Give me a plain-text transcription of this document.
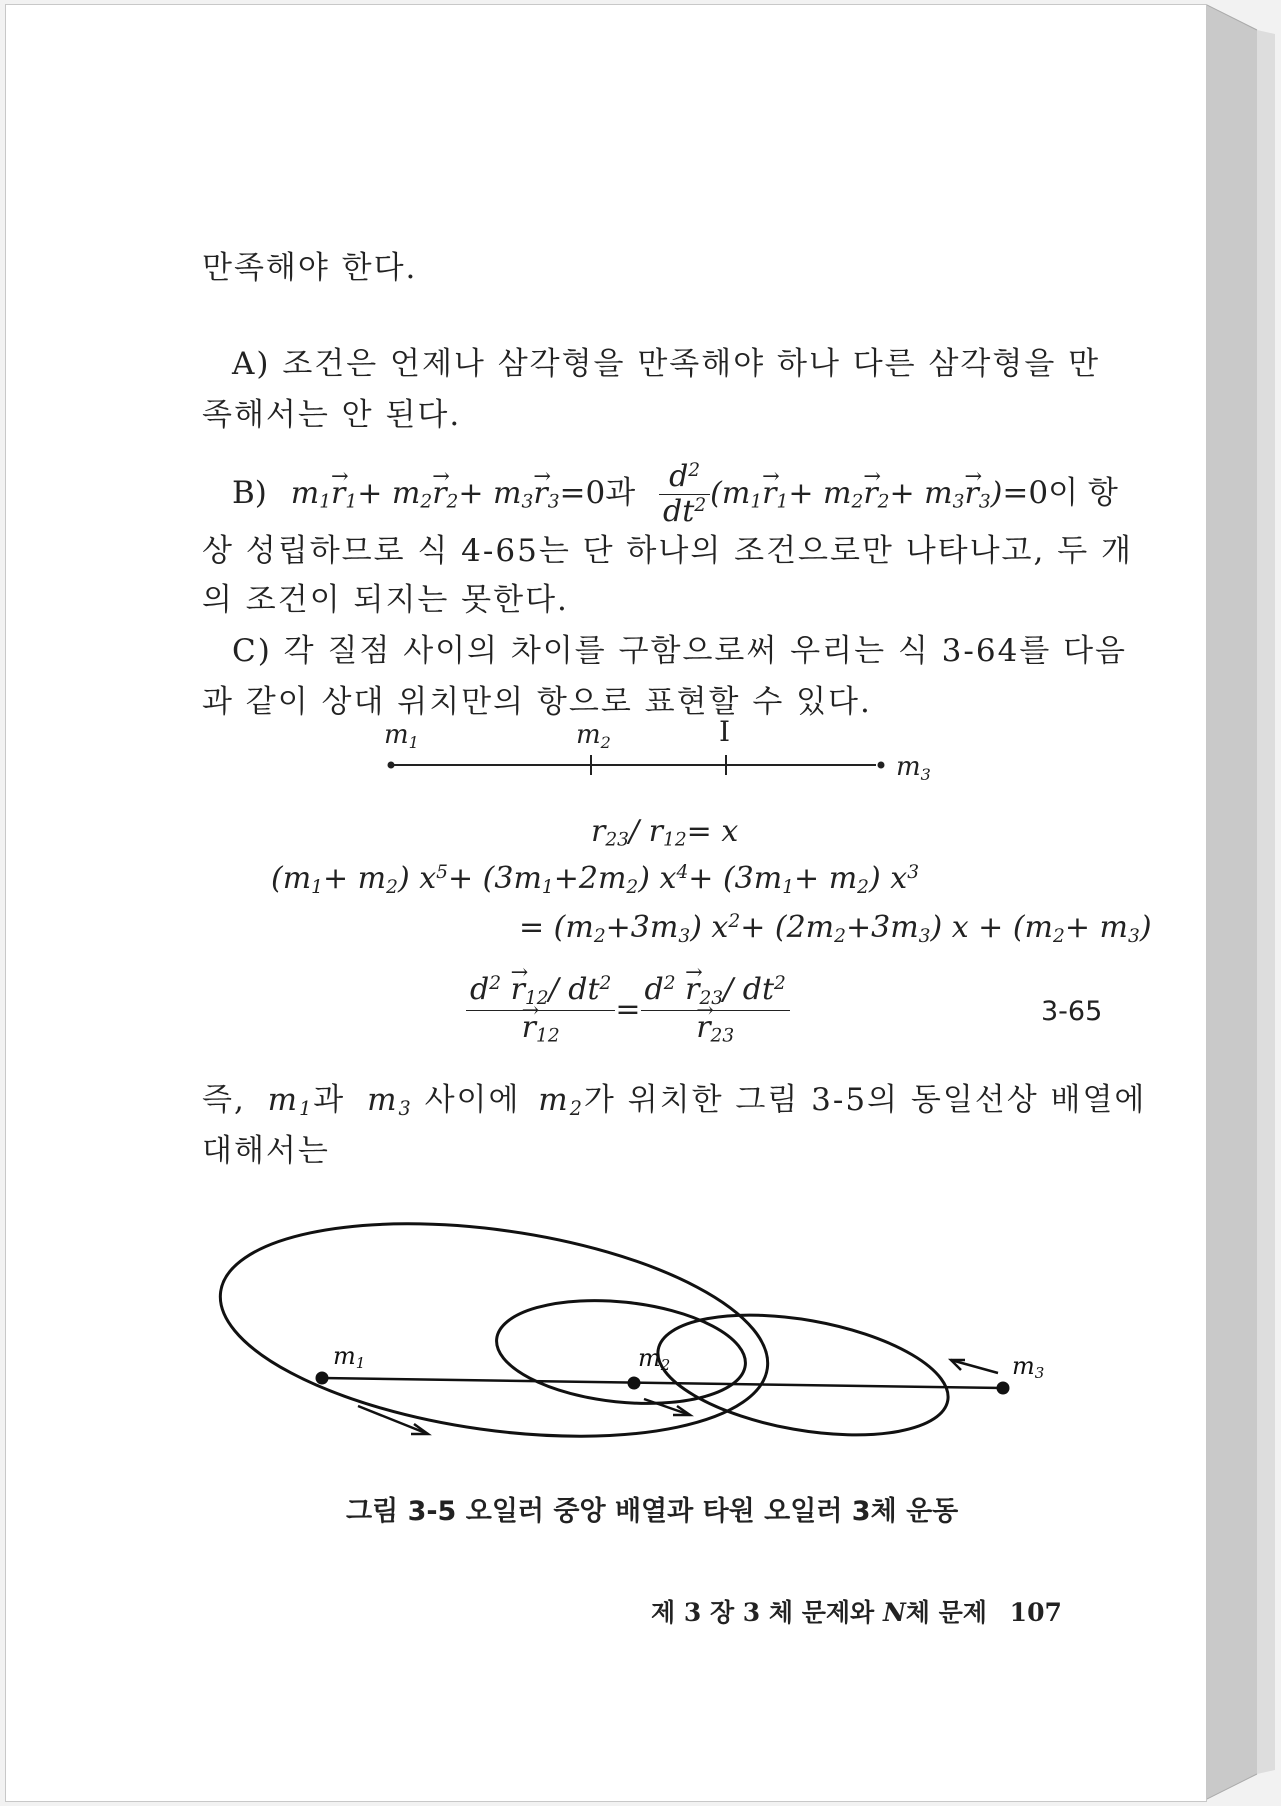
만족해야 한다.
A) 조건은 언제나 삼각형을 만족해야 하나 다른 삼각형을 만
족해서는 안 된다.
B) $m_1\to r_1+ m_2\to r_2+ m_3\to r_3=0$과 $\frac{d^2}{dt^2} (m_1\to r_1+ m_2\to r_2+ m_3\to r_3)=0$이 항
상 성립하므로 식 4-65는 단 하나의 조건으로만 나타나고, 두 개
의 조건이 되지는 못한다.
C) 각 질점 사이의 차이를 구함으로써 우리는 식 3-64를 다음
과 같이 상대 위치만의 항으로 표현할 수 있다.
m1	m2	I
m3
$r_{23}/$ $r_{12}= x$
$(m_1+ m_2)$ $x^5+ (3m_1+2m_2)$ $x^4+ (3m_1+ m_2)$ $x^3$
= $(m_2+3m_3)$ $x^2+ (2m_2+3m_3) x + (m_2+ m_3)$
$d^2 \to r_{12}/$ $dt^2$
→ $r_{12} = d^2 \to r_{23}/$ $dt^2$
→ $r_{23}$	3-65
즉, $m_1$과 $m_3$ 사이에 $m_2$가 위치한 그림 3-5의 동일선상 배열에
대해서는
m1	m2	m3
그림 3-5 오일러 중앙 배열과 타원 오일러 3체 운동
제 3 장 3 체 문제와 N체 문제 107
